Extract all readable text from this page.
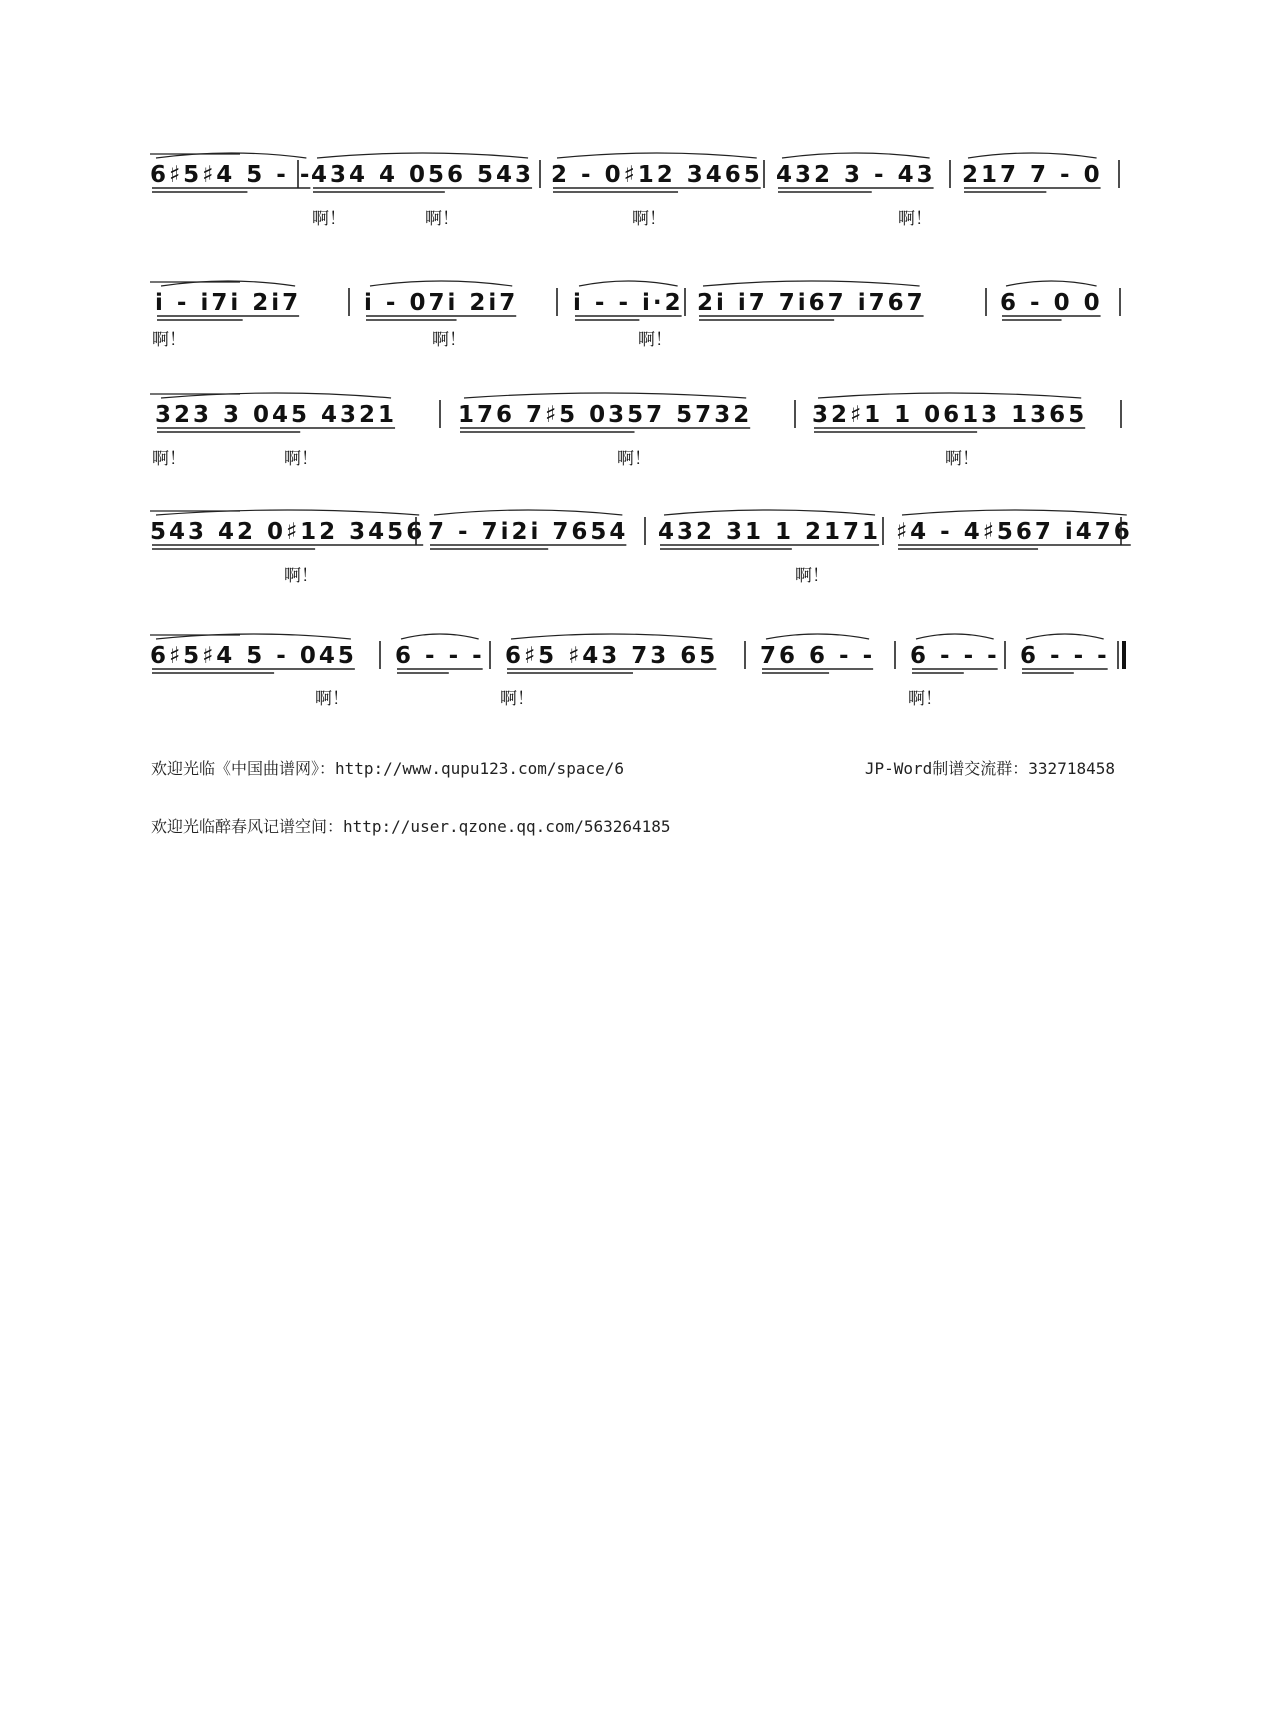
6♯5♯4 5 - -
434 4 056 543 2 - 0♯12 3465 432 3 - 43 217 7 - 0
啊！	啊！	啊！	啊！
i - i7i 2i7	i - 07i 2i7 i - - i·2 2i i7 7i67 i767	6 - 0 0
啊！	啊！	啊！
323 3 045 4321	176 7♯5 0357 5732	32♯1 1 0613 1365
啊！	啊！	啊！	啊！
543 42 0♯12 3456 7 - 7i2i 7654 432 31 1 2171 ♯4 - 4♯567 i476
啊！	啊！
6♯5♯4 5 - 045 6 - - - 6♯5 ♯43 73 65 76 6 - - 6 - - - 6 - - -
啊！	啊！	啊！
欢迎光临《中国曲谱网》：http://www.qupu123.com/space/6	JP-Word制谱交流群：332718458
欢迎光临醉春风记谱空间：http://user.qzone.qq.com/563264185
